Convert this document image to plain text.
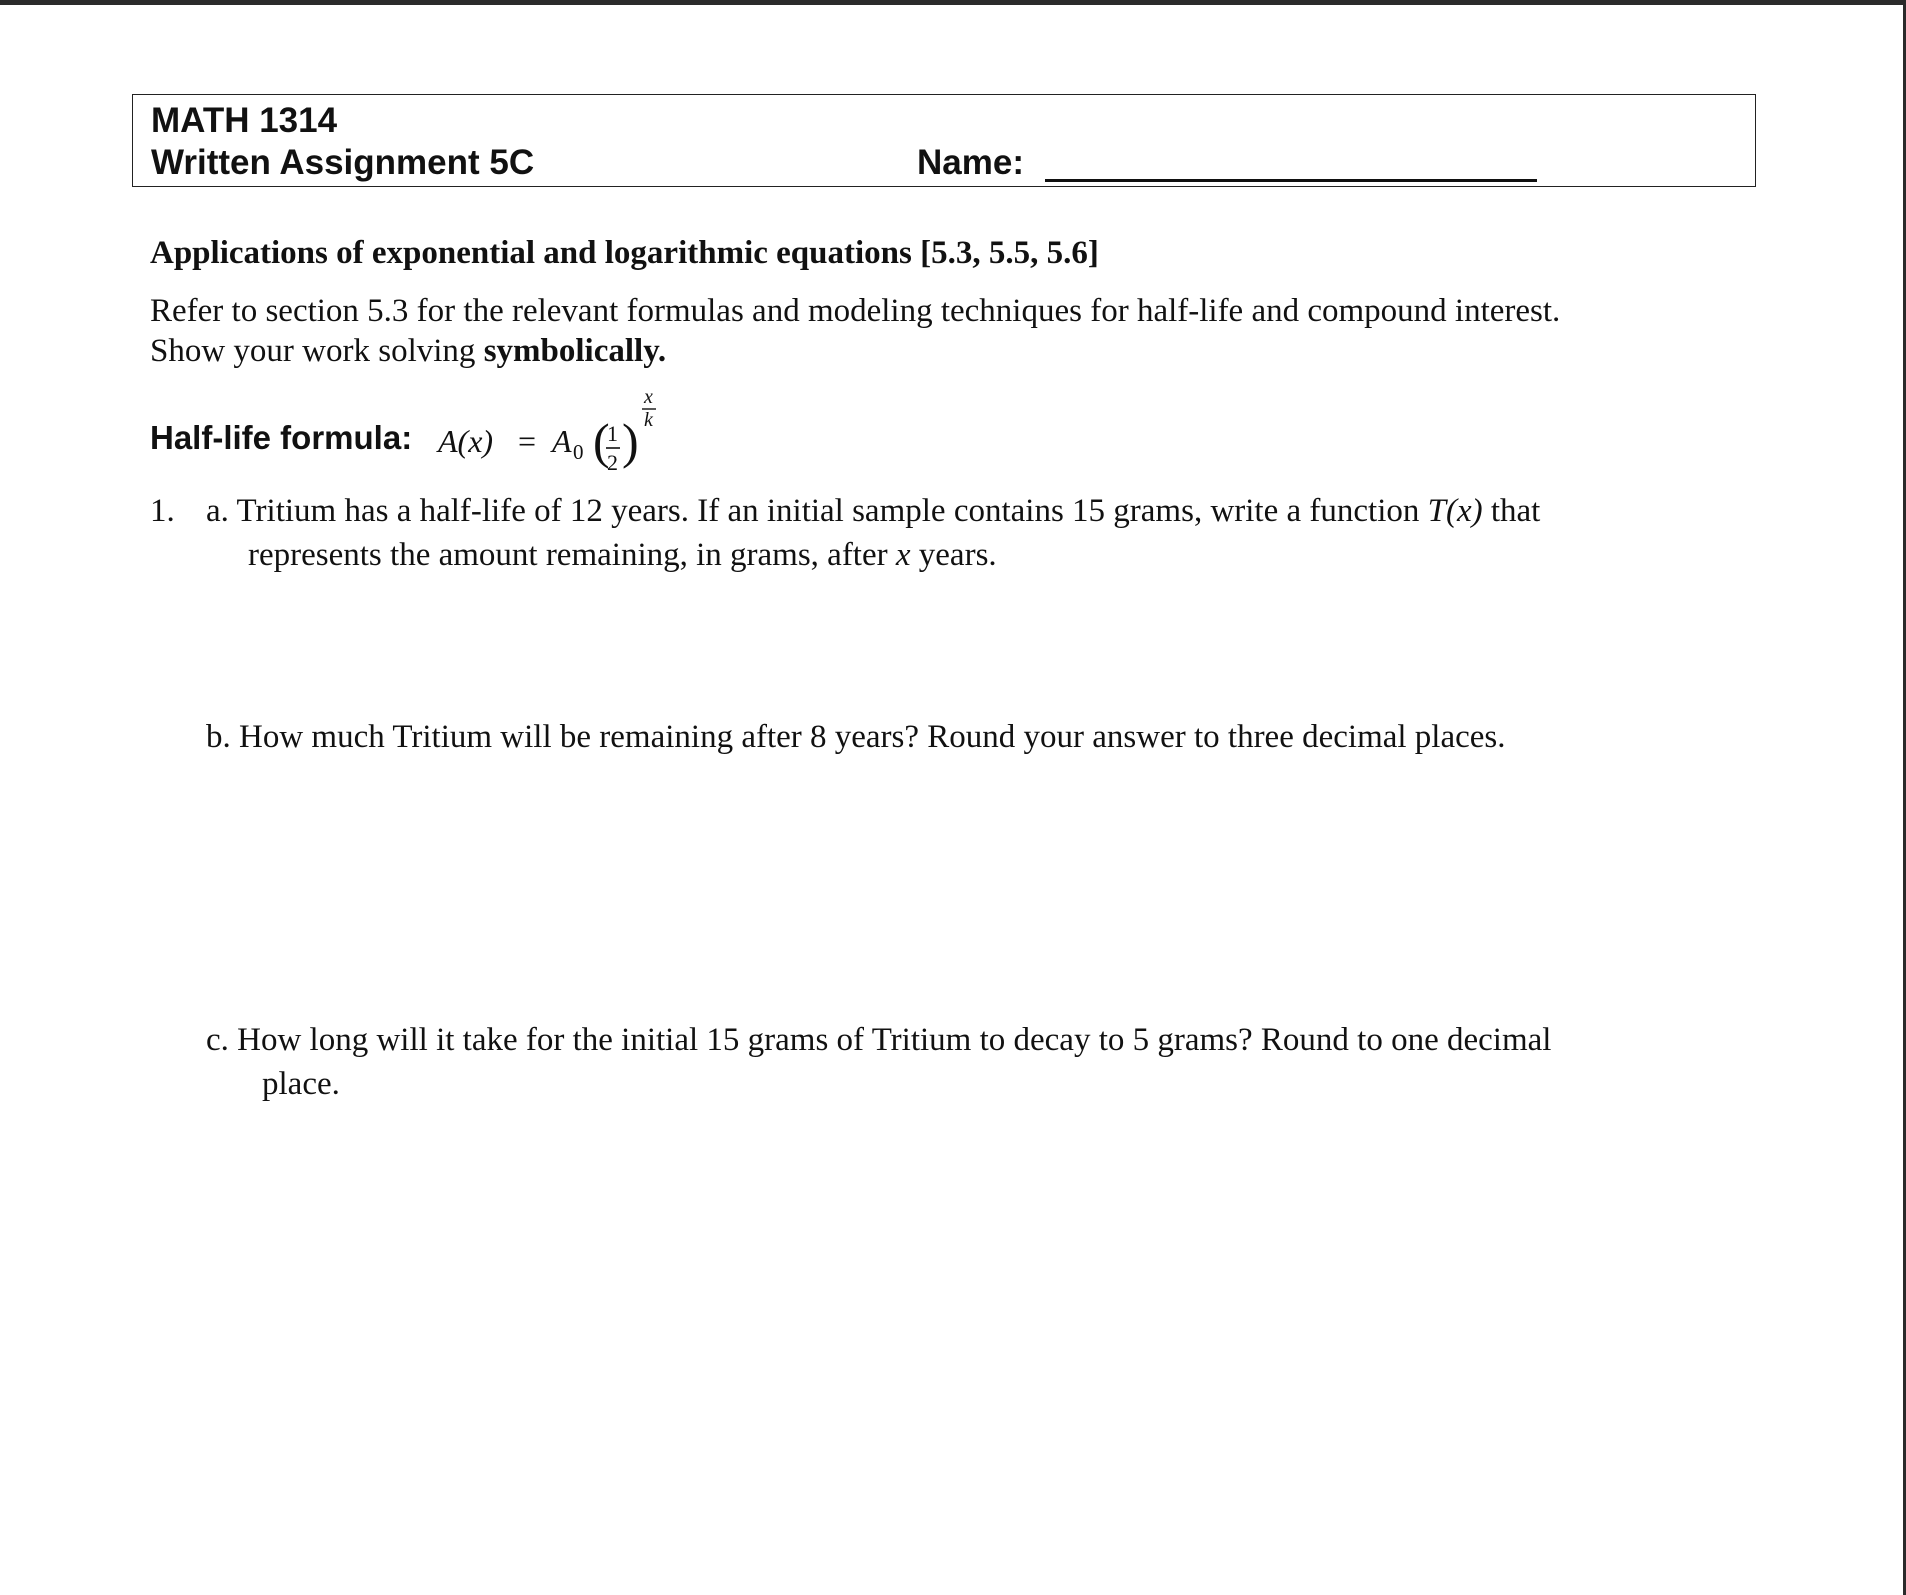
MATH 1314
Written Assignment 5C	Name:
Applications of exponential and logarithmic equations [5.3, 5.5, 5.6]
Refer to section 5.3 for the relevant formulas and modeling techniques for half-life and compound interest.
Show your work solving symbolically.
Half-life formula: A(x) = A 0 (
1
2 )
x
k
1. a. Tritium has a half-life of 12 years. If an initial sample contains 15 grams, write a function T(x) that
represents the amount remaining, in grams, after x years.
b. How much Tritium will be remaining after 8 years? Round your answer to three decimal places.
c. How long will it take for the initial 15 grams of Tritium to decay to 5 grams? Round to one decimal
place.
